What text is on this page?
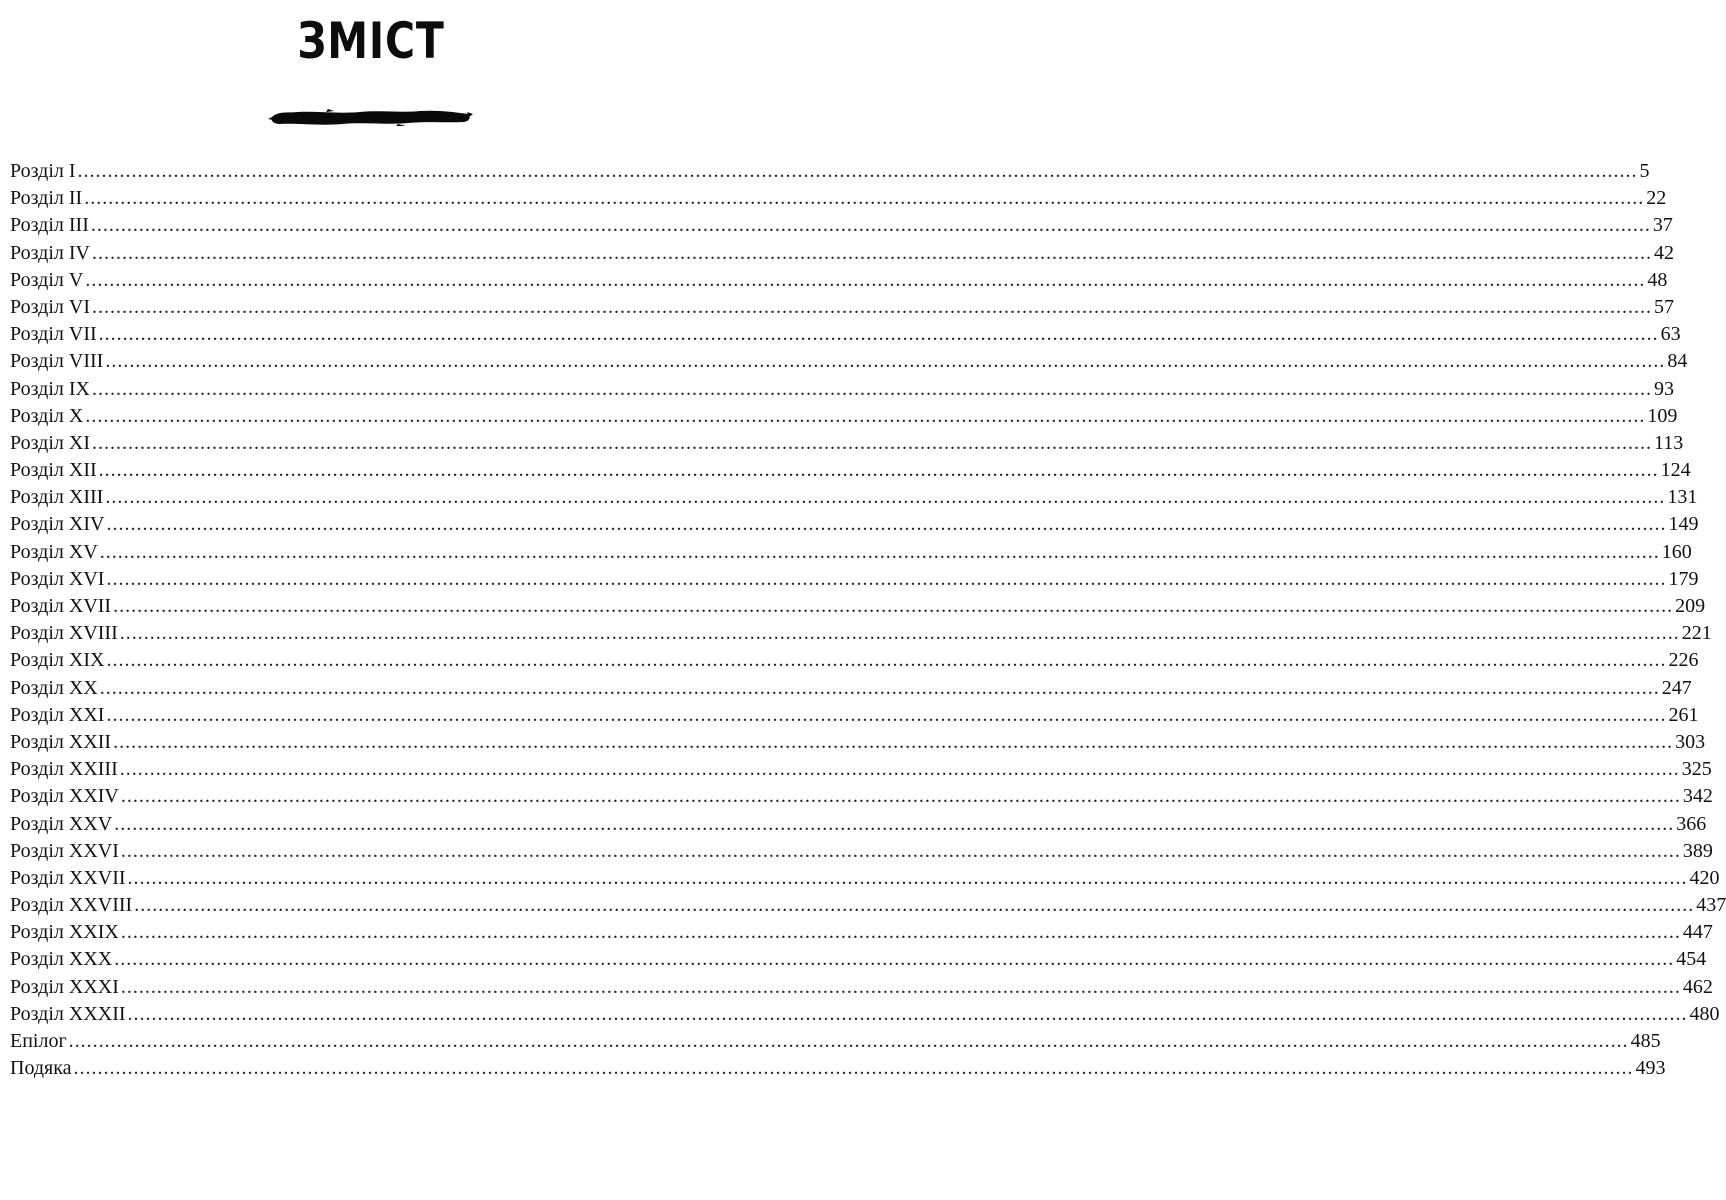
ЗМІСТ
Розділ I .................................................................................................................................................................................................................................................................... 5
Розділ II .................................................................................................................................................................................................................................................................... 22
Розділ III .................................................................................................................................................................................................................................................................... 37
Розділ IV .................................................................................................................................................................................................................................................................... 42
Розділ V .................................................................................................................................................................................................................................................................... 48
Розділ VI .................................................................................................................................................................................................................................................................... 57
Розділ VII .................................................................................................................................................................................................................................................................... 63
Розділ VIII .................................................................................................................................................................................................................................................................... 84
Розділ IX .................................................................................................................................................................................................................................................................... 93
Розділ X .................................................................................................................................................................................................................................................................... 109
Розділ XI .................................................................................................................................................................................................................................................................... 113
Розділ XII .................................................................................................................................................................................................................................................................... 124
Розділ XIII .................................................................................................................................................................................................................................................................... 131
Розділ XIV .................................................................................................................................................................................................................................................................... 149
Розділ XV .................................................................................................................................................................................................................................................................... 160
Розділ XVI .................................................................................................................................................................................................................................................................... 179
Розділ XVII .................................................................................................................................................................................................................................................................... 209
Розділ XVIII .................................................................................................................................................................................................................................................................... 221
Розділ XIX .................................................................................................................................................................................................................................................................... 226
Розділ XX .................................................................................................................................................................................................................................................................... 247
Розділ XXI .................................................................................................................................................................................................................................................................... 261
Розділ XXII .................................................................................................................................................................................................................................................................... 303
Розділ XXIII .................................................................................................................................................................................................................................................................... 325
Розділ XXIV .................................................................................................................................................................................................................................................................... 342
Розділ XXV .................................................................................................................................................................................................................................................................... 366
Розділ XXVI .................................................................................................................................................................................................................................................................... 389
Розділ XXVII .................................................................................................................................................................................................................................................................... 420
Розділ XXVIII .................................................................................................................................................................................................................................................................... 437
Розділ XXIX .................................................................................................................................................................................................................................................................... 447
Розділ XXX .................................................................................................................................................................................................................................................................... 454
Розділ XXXI .................................................................................................................................................................................................................................................................... 462
Розділ XXXII .................................................................................................................................................................................................................................................................... 480
Епілог .................................................................................................................................................................................................................................................................... 485
Подяка .................................................................................................................................................................................................................................................................... 493
